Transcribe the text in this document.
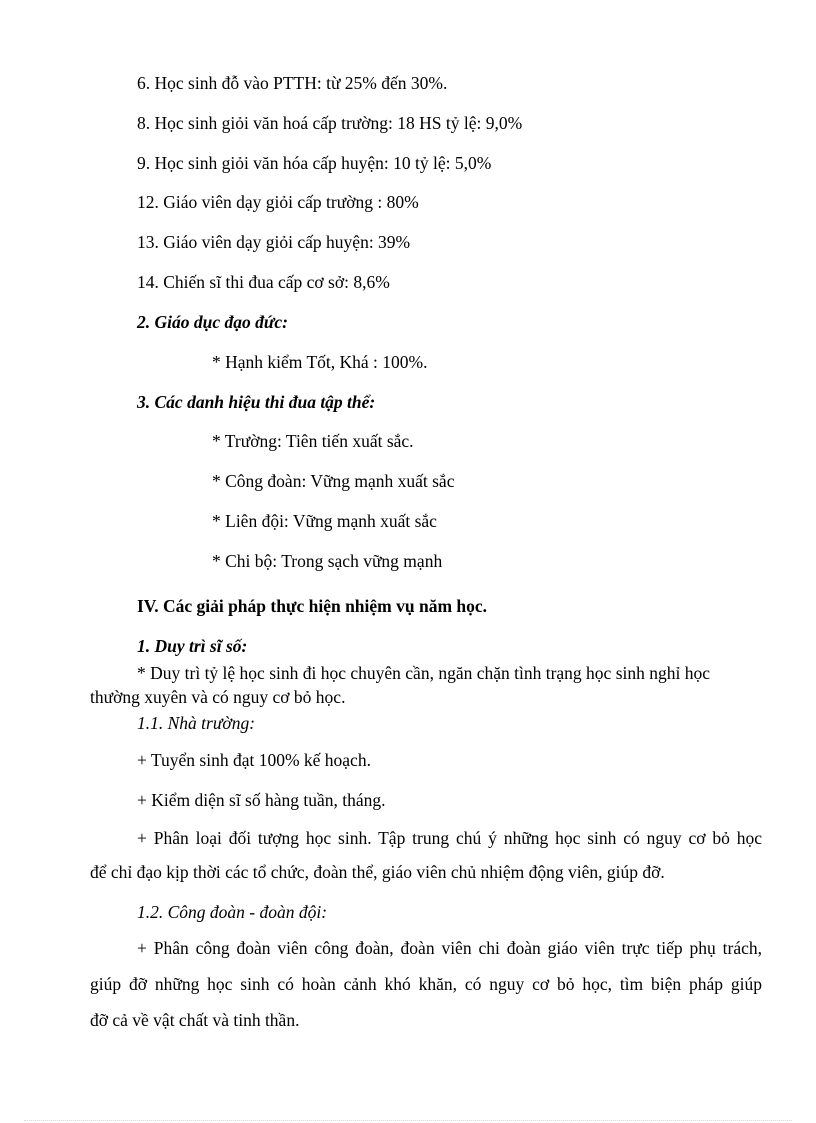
6. Học sinh đỗ vào PTTH: từ 25% đến 30%.
8. Học sinh giỏi văn hoá cấp trường: 18 HS tỷ lệ: 9,0%
9. Học sinh giỏi văn hóa cấp huyện: 10 tỷ lệ: 5,0%
12. Giáo viên dạy giỏi cấp trường : 80%
13. Giáo viên dạy giỏi cấp huyện: 39%
14. Chiến sĩ thi đua cấp cơ sở: 8,6%
2. Giáo dục đạo đức:
* Hạnh kiểm Tốt, Khá : 100%.
3. Các danh hiệu thi đua tập thể:
* Trường: Tiên tiến xuất sắc.
* Công đoàn: Vững mạnh xuất sắc
* Liên đội: Vững mạnh xuất sắc
* Chi bộ: Trong sạch vững mạnh
IV. Các giải pháp thực hiện nhiệm vụ năm học.
1. Duy trì sĩ số:
* Duy trì tỷ lệ học sinh đi học chuyên cần, ngăn chặn tình trạng học sinh nghỉ học
thường xuyên và có nguy cơ bỏ học.
1.1. Nhà trường:
+ Tuyển sinh đạt 100% kế hoạch.
+ Kiểm diện sĩ số hàng tuần, tháng.
+ Phân loại đối tượng học sinh. Tập trung chú ý những học sinh có nguy cơ bỏ học
để chỉ đạo kịp thời các tổ chức, đoàn thể, giáo viên chủ nhiệm động viên, giúp đỡ.
1.2. Công đoàn - đoàn đội:
+ Phân công đoàn viên công đoàn, đoàn viên chi đoàn giáo viên trực tiếp phụ trách,
giúp đỡ những học sinh có hoàn cảnh khó khăn, có nguy cơ bỏ học, tìm biện pháp giúp
đỡ cả về vật chất và tinh thần.
